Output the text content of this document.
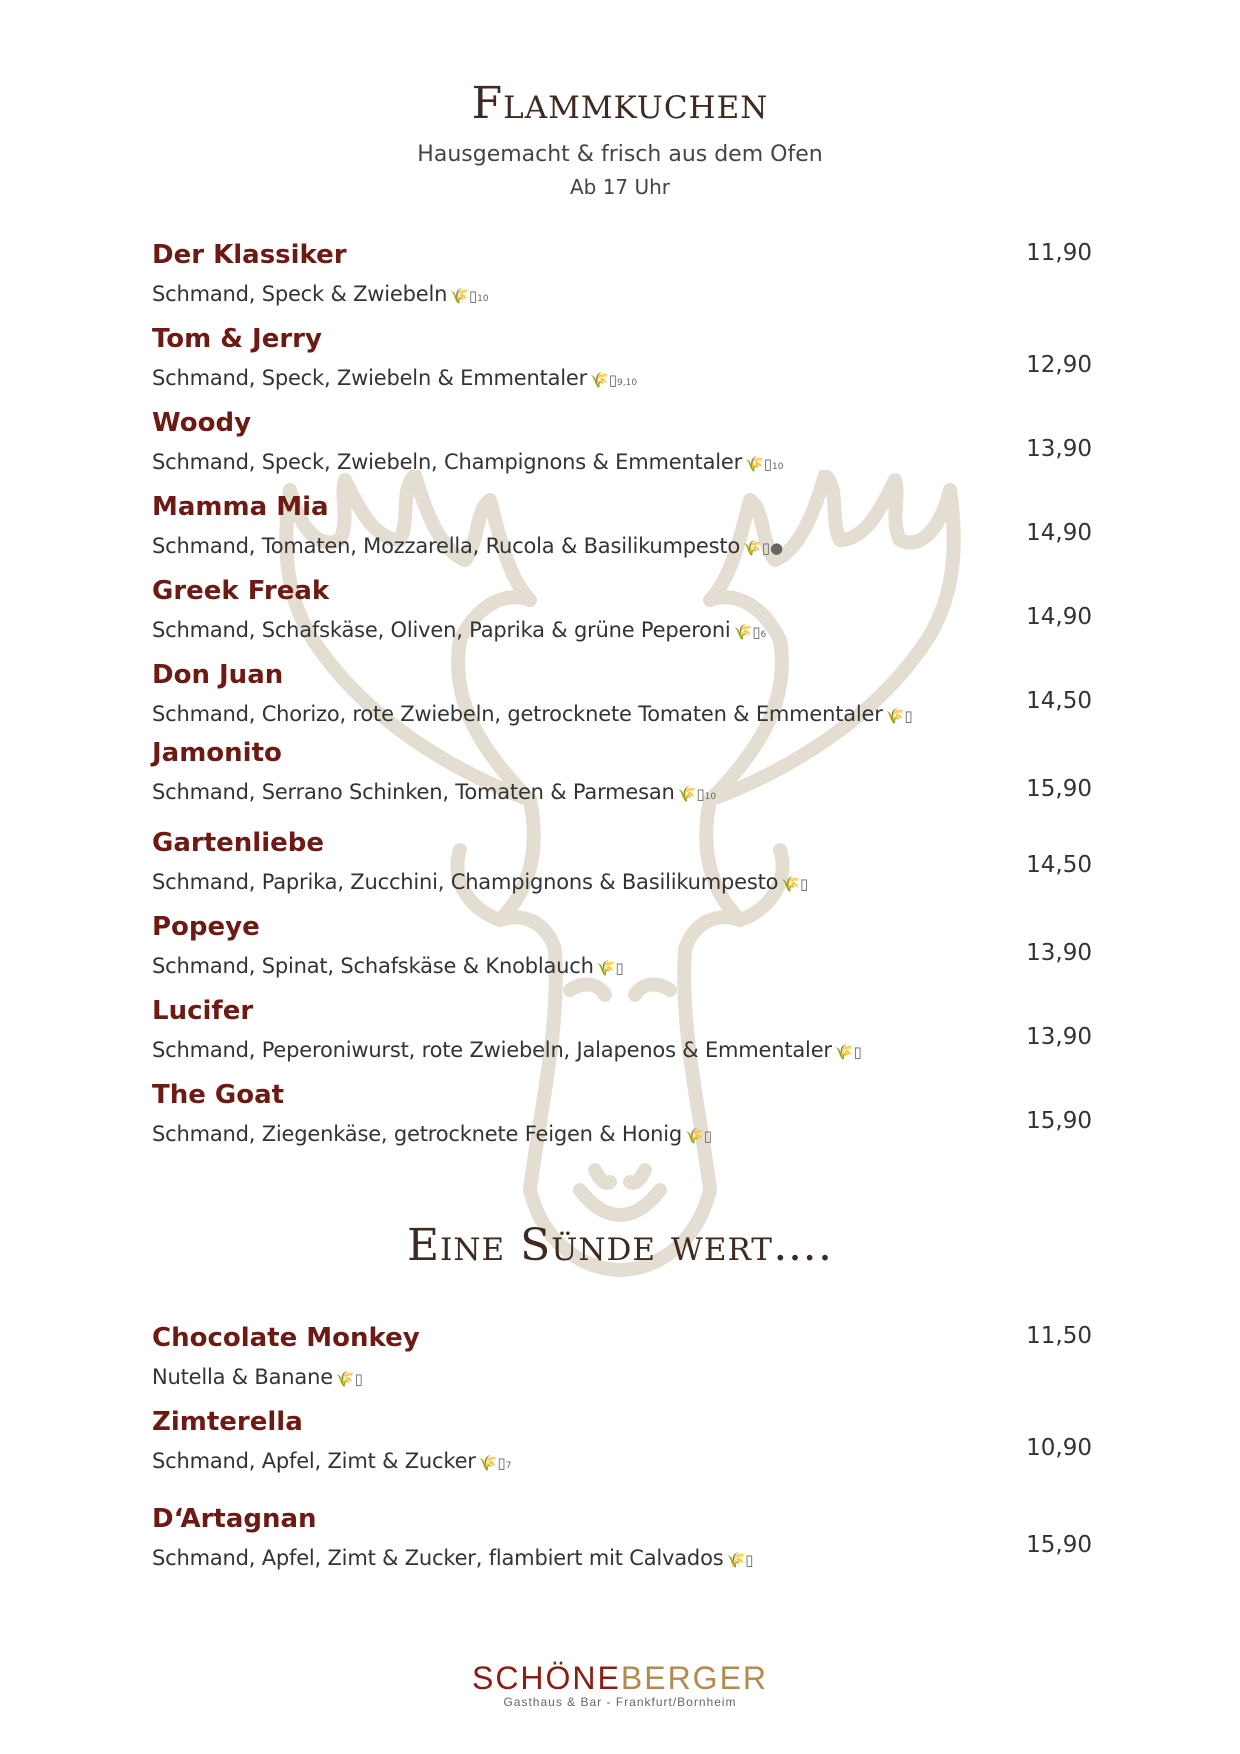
Flammkuchen
Hausgemacht & frisch aus dem Ofen
Ab 17 Uhr
Der Klassiker
Schmand, Speck & Zwiebeln 🌾▯10
11,90
Tom & Jerry
Schmand, Speck, Zwiebeln & Emmentaler 🌾▯9,10
12,90
Woody
Schmand, Speck, Zwiebeln, Champignons & Emmentaler 🌾▯10
13,90
Mamma Mia
Schmand, Tomaten, Mozzarella, Rucola & Basilikumpesto 🌾▯●
14,90
Greek Freak
Schmand, Schafskäse, Oliven, Paprika & grüne Peperoni 🌾▯6
14,90
Don Juan
Schmand, Chorizo, rote Zwiebeln, getrocknete Tomaten & Emmentaler 🌾▯
14,50
Jamonito
Schmand, Serrano Schinken, Tomaten & Parmesan 🌾▯10	15,90
Gartenliebe
Schmand, Paprika, Zucchini, Champignons & Basilikumpesto 🌾▯
14,50
Popeye
Schmand, Spinat, Schafskäse & Knoblauch 🌾▯
13,90
Lucifer
Schmand, Peperoniwurst, rote Zwiebeln, Jalapenos & Emmentaler 🌾▯
13,90
The Goat
Schmand, Ziegenkäse, getrocknete Feigen & Honig 🌾▯
15,90
Eine Sünde wert….
Chocolate Monkey
Nutella & Banane 🌾▯
11,50
Zimterella
Schmand, Apfel, Zimt & Zucker 🌾▯7
10,90
D‘Artagnan
Schmand, Apfel, Zimt & Zucker, flambiert mit Calvados 🌾▯
15,90
SCHÖNEBERGER
Gasthaus & Bar - Frankfurt/Bornheim
